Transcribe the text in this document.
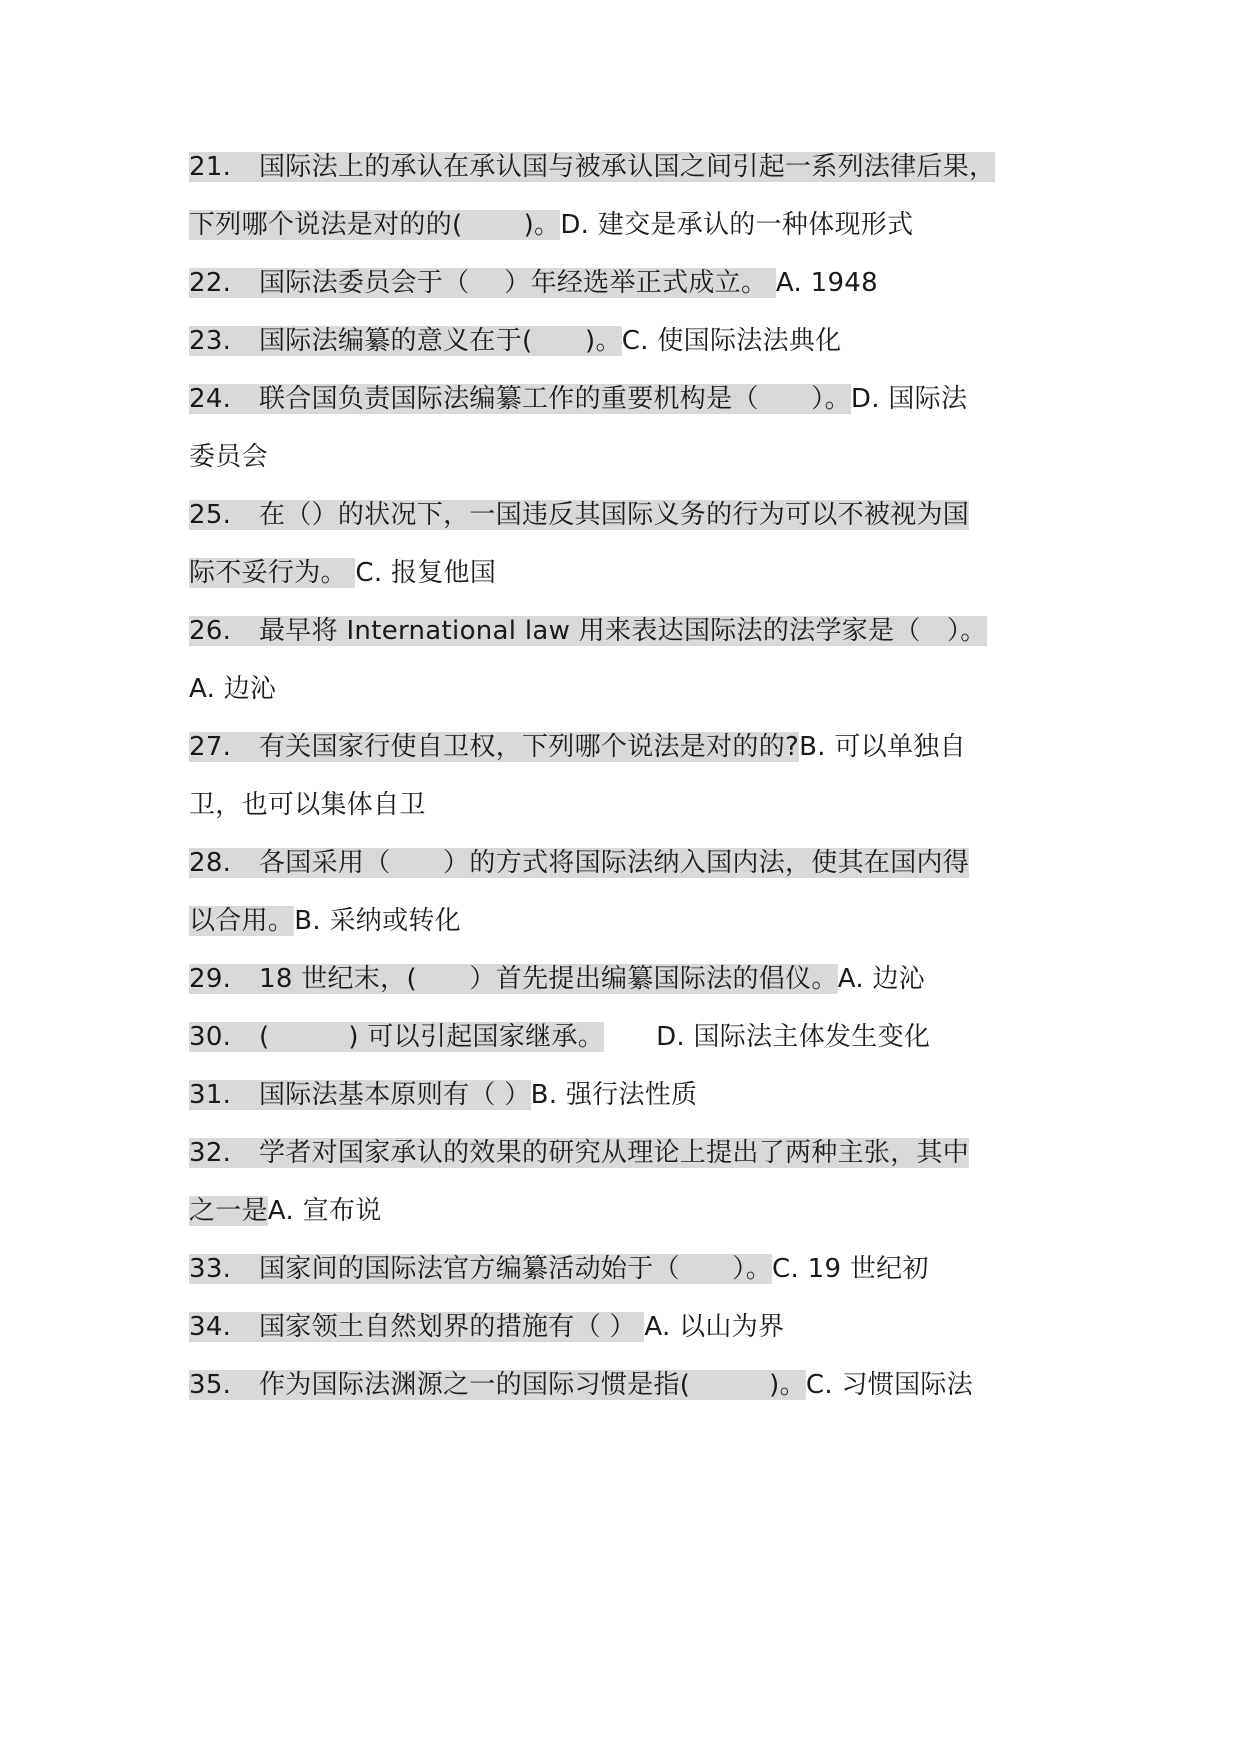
21. 国际法上的承认在承认国与被承认国之间引起一系列法律后果，
下列哪个说法是对的的(　　 )。D. 建交是承认的一种体现形式
22. 国际法委员会于（　 ）年经选举正式成立。 A. 1948
23. 国际法编纂的意义在于(　　)。C. 使国际法法典化
24. 联合国负责国际法编纂工作的重要机构是（　　）。D. 国际法
委员会
25. 在（）的状况下，一国违反其国际义务的行为可以不被视为国
际不妥行为。 C. 报复他国
26. 最早将 International law 用来表达国际法的法学家是（　）。
A. 边沁
27. 有关国家行使自卫权，下列哪个说法是对的的?B. 可以单独自
卫，也可以集体自卫
28. 各国采用（　　）的方式将国际法纳入国内法，使其在国内得
以合用。B. 采纳或转化
29. 18 世纪末，(　　）首先提出编纂国际法的倡仪。A. 边沁
30. (　　　) 可以引起国家继承。 D. 国际法主体发生变化
31. 国际法基本原则有（ ）B. 强行法性质
32. 学者对国家承认的效果的研究从理论上提出了两种主张，其中
之一是A. 宣布说
33. 国家间的国际法官方编纂活动始于（　　）。C. 19 世纪初
34. 国家领土自然划界的措施有（ ） A. 以山为界
35. 作为国际法渊源之一的国际习惯是指(　　　)。C. 习惯国际法
